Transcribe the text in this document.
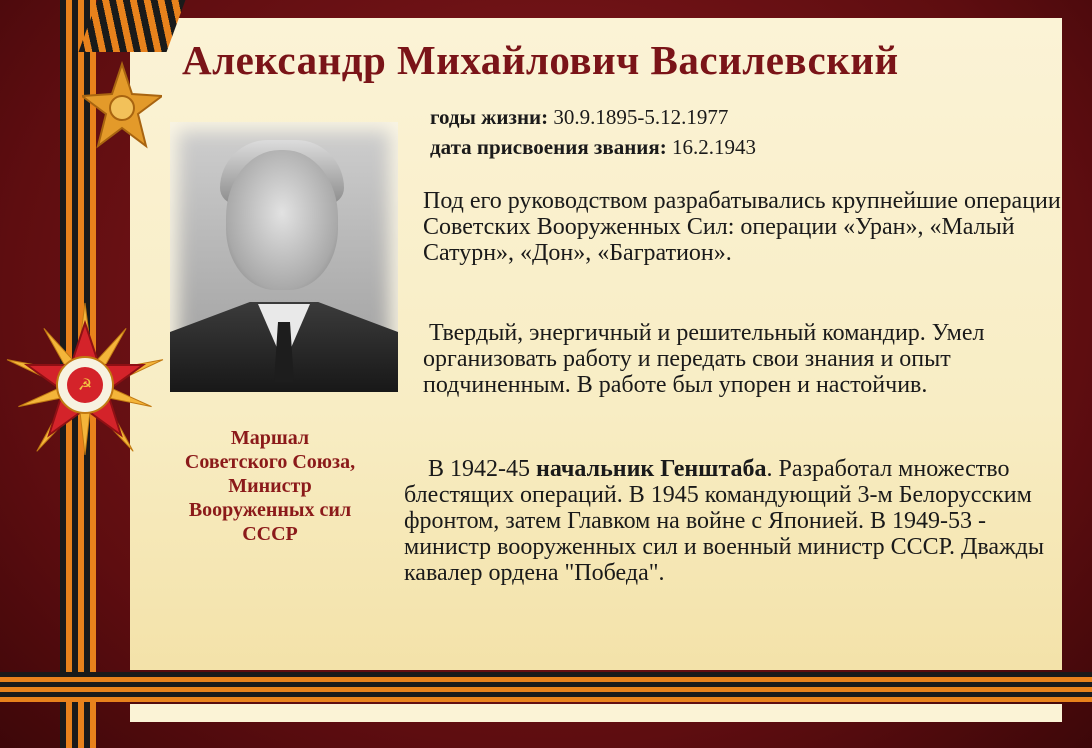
☭
Александр Михайлович Василевский
Маршал
Советского Союза,
Министр
Вооруженных сил
СССР
годы жизни: 30.9.1895-5.12.1977
дата присвоения звания: 16.2.1943
Под его руководством разрабатывались крупнейшие операции Советских Вооруженных Сил: операции «Уран», «Малый Сатурн», «Дон», «Багратион».
Твердый, энергичный и решительный командир. Умел организовать работу и передать свои знания и опыт подчиненным. В работе был упорен и настойчив.
В 1942-45 начальник Генштаба. Разработал множество блестящих операций. В 1945 командующий 3-м Белорусским фронтом, затем Главком на войне с Японией. В 1949-53 - министр вооруженных сил и военный министр СССР. Дважды кавалер ордена "Победа".
